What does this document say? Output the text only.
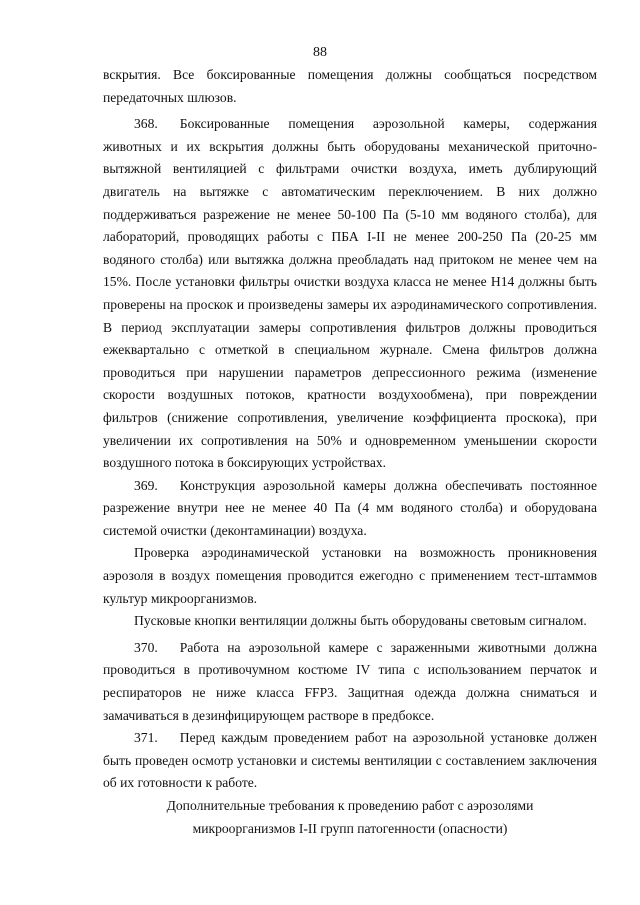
88

вскрытия. Все боксированные помещения должны сообщаться посредством передаточных шлюзов.

368. Боксированные помещения аэрозольной камеры, содержания животных и их вскрытия должны быть оборудованы механической приточно-вытяжной вентиляцией с фильтрами очистки воздуха, иметь дублирующий двигатель на вытяжке с автоматическим переключением. В них должно поддерживаться разрежение не менее 50-100 Па (5-10 мм водяного столба), для лабораторий, проводящих работы с ПБА I-II не менее 200-250 Па (20-25 мм водяного столба) или вытяжка должна преобладать над притоком не менее чем на 15%. После установки фильтры очистки воздуха класса не менее Н14 должны быть проверены на проскок и произведены замеры их аэродинамического сопротивления. В период эксплуатации замеры сопротивления фильтров должны проводиться ежеквартально с отметкой в специальном журнале. Смена фильтров должна проводиться при нарушении параметров депрессионного режима (изменение скорости воздушных потоков, кратности воздухообмена), при повреждении фильтров (снижение сопротивления, увеличение коэффициента проскока), при увеличении их сопротивления на 50% и одновременном уменьшении скорости воздушного потока в боксирующих устройствах.

369. Конструкция аэрозольной камеры должна обеспечивать постоянное разрежение внутри нее не менее 40 Па (4 мм водяного столба) и оборудована системой очистки (деконтаминации) воздуха.

Проверка аэродинамической установки на возможность проникновения аэрозоля в воздух помещения проводится ежегодно с применением тест-штаммов культур микроорганизмов.

Пусковые кнопки вентиляции должны быть оборудованы световым сигналом.

370. Работа на аэрозольной камере с зараженными животными должна проводиться в противочумном костюме IV типа с использованием перчаток и респираторов не ниже класса FFP3. Защитная одежда должна сниматься и замачиваться в дезинфицирующем растворе в предбоксе.

371. Перед каждым проведением работ на аэрозольной установке должен быть проведен осмотр установки и системы вентиляции с составлением заключения об их готовности к работе.

Дополнительные требования к проведению работ с аэрозолями
микроорганизмов I-II групп патогенности (опасности)
